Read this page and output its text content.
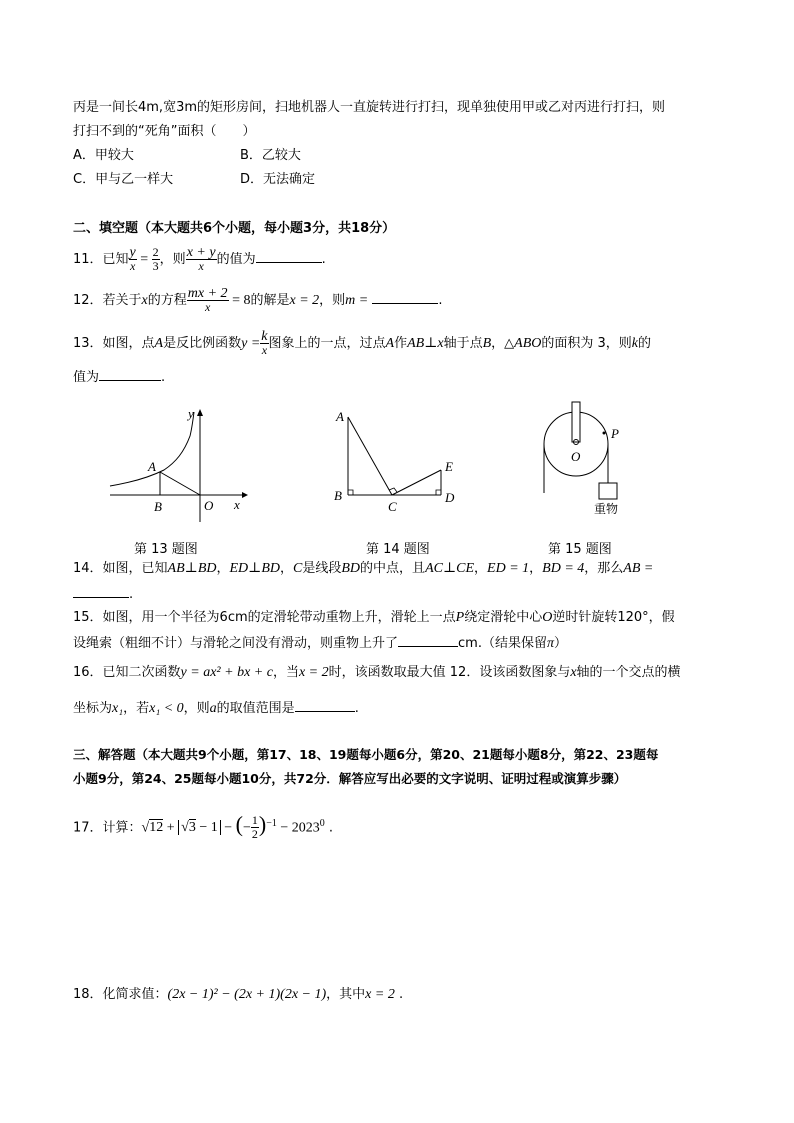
丙是一间长4m,宽3m的矩形房间，扫地机器人一直旋转进行打扫，现单独使用甲或乙对丙进行打扫，则
打扫不到的“死角”面积（　　）
A．甲较大	B．乙较大
C．甲与乙一样大	D．无法确定
二、填空题（本大题共6个小题，每小题3分，共18分）
11．已知 $\frac{y}{x} = \frac{2}{3}$ ，则 $\frac{x + y}{x}$ 的值为	.
12．若关于x的方程 $\frac{mx + 2}{x} = 8$的解是x = 2，则m =	.
13．如图，点A是反比例函数$y = \frac{k}{x}$ 图象上的一点，过点A作AB⊥x轴于点B，△ABO的面积为 3，则k的
值为	.
y
A
B	O x
A
B
C
E
D
P
O
重物
第 13 题图	第 14 题图	第 15 题图
14．如图，已知AB⊥BD，ED⊥BD，C是线段BD的中点，且AC⊥CE，ED = 1，BD = 4，那么AB =
.
15．如图，用一个半径为6cm的定滑轮带动重物上升，滑轮上一点P绕定滑轮中心O逆时针旋转120°，假
设绳索（粗细不计）与滑轮之间没有滑动，则重物上升了	cm.（结果保留π）
16．已知二次函数y = ax² + bx + c，当x = 2时，该函数取最大值 12．设该函数图象与x轴的一个交点的横
坐标为x₁，若x₁ < 0，则a的取值范围是	.
三、解答题（本大题共9个小题，第17、18、19题每小题6分，第20、21题每小题8分，第22、23题每
小题9分，第24、25题每小题10分，共72分．解答应写出必要的文字说明、证明过程或演算步骤）
17．计算：√12 + √3 − 1 − (− $\frac{1}{2} )^{-1} - 2023^0$ .
18．化简求值：(2x − 1)² − (2x + 1)(2x − 1)，其中x = 2 .
